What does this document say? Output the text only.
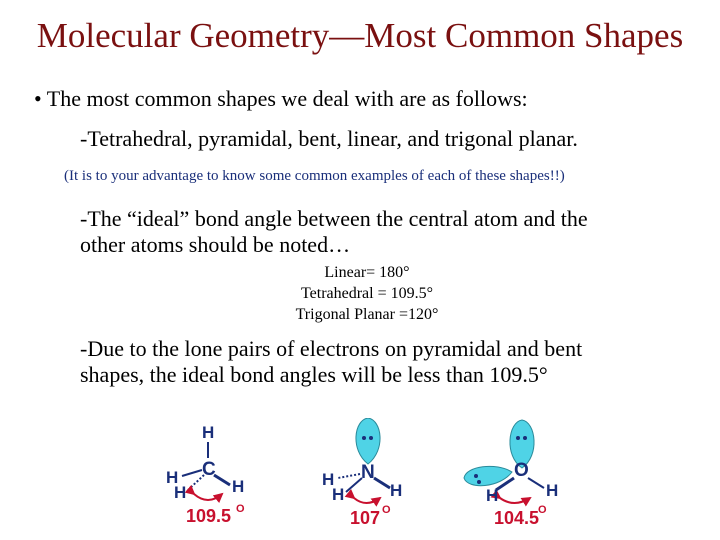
Molecular Geometry—Most Common Shapes
• The most common shapes we deal with are as follows:
-Tetrahedral, pyramidal, bent, linear, and trigonal planar.
(It is to your advantage to know some common examples of each of these shapes!!)
-The “ideal” bond angle between the central atom and the
other atoms should be noted…
Linear= 180°
Tetrahedral = 109.5°
Trigonal Planar =120°
-Due to the lone pairs of electrons on pyramidal and bent
shapes, the ideal bond angles will be less than 109.5°
H
C
H
H	H
109.5 O
N
H
H	H
107 O
O
H	H
104.5
O
